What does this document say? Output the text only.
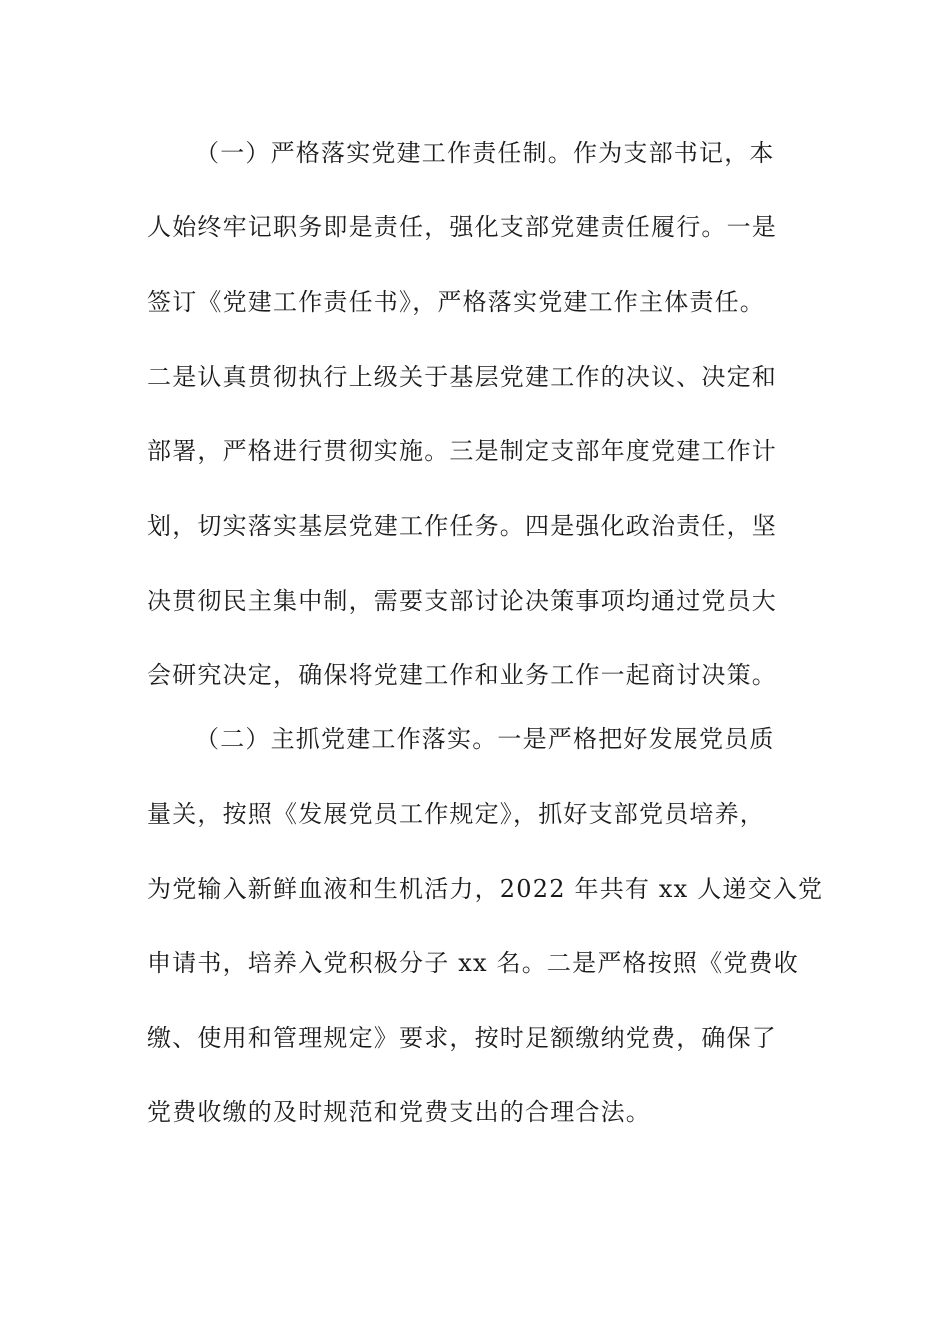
（一）严格落实党建工作责任制。作为支部书记，本
人始终牢记职务即是责任，强化支部党建责任履行。一是
签订《党建工作责任书》，严格落实党建工作主体责任。
二是认真贯彻执行上级关于基层党建工作的决议、决定和
部署，严格进行贯彻实施。三是制定支部年度党建工作计
划，切实落实基层党建工作任务。四是强化政治责任，坚
决贯彻民主集中制，需要支部讨论决策事项均通过党员大
会研究决定，确保将党建工作和业务工作一起商讨决策。
（二）主抓党建工作落实。一是严格把好发展党员质
量关，按照《发展党员工作规定》，抓好支部党员培养，
为党输入新鲜血液和生机活力，2022 年共有 xx 人递交入党
申请书，培养入党积极分子 xx 名。二是严格按照《党费收
缴、使用和管理规定》要求，按时足额缴纳党费，确保了
党费收缴的及时规范和党费支出的合理合法。
